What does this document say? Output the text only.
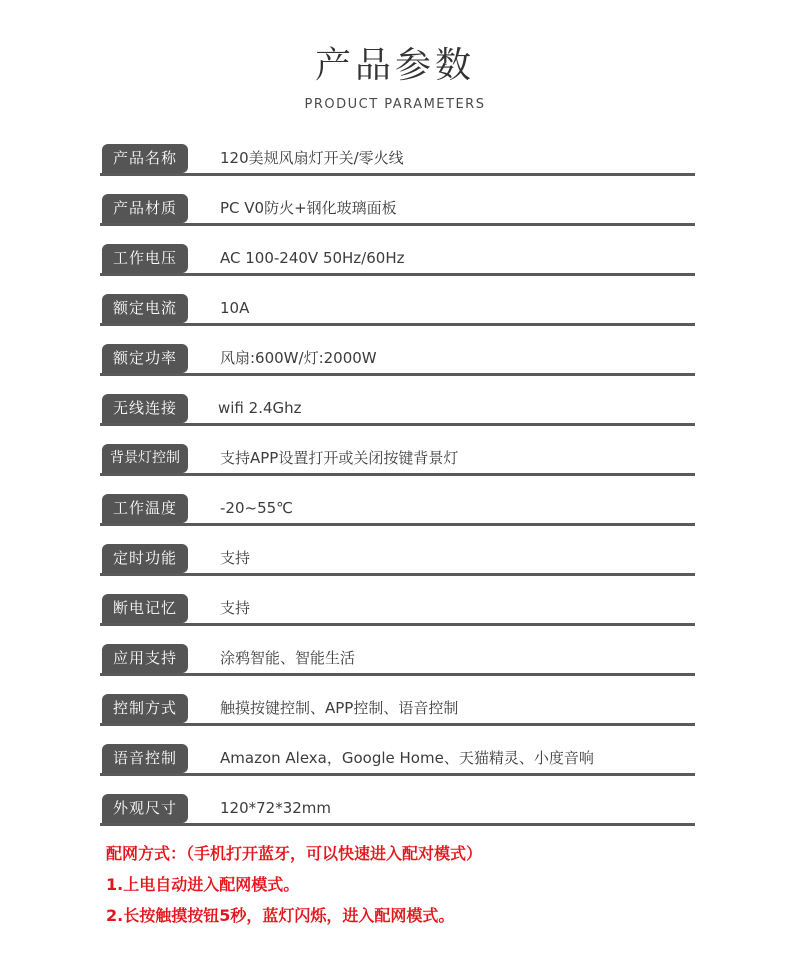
产品参数
PRODUCT PARAMETERS
产品名称	120美规风扇灯开关/零火线
产品材质	PC V0防火+钢化玻璃面板
工作电压	AC 100-240V 50Hz/60Hz
额定电流	10A
额定功率	风扇:600W/灯:2000W
无线连接	wifi 2.4Ghz
背景灯控制	支持APP设置打开或关闭按键背景灯
工作温度	-20~55℃
定时功能	支持
断电记忆	支持
应用支持	涂鸦智能、智能生活
控制方式	触摸按键控制、APP控制、语音控制
语音控制	Amazon Alexa，Google Home、天猫精灵、小度音响
外观尺寸	120*72*32mm
配网方式：（手机打开蓝牙，可以快速进入配对模式）
1.上电自动进入配网模式。
2.长按触摸按钮5秒，蓝灯闪烁，进入配网模式。
